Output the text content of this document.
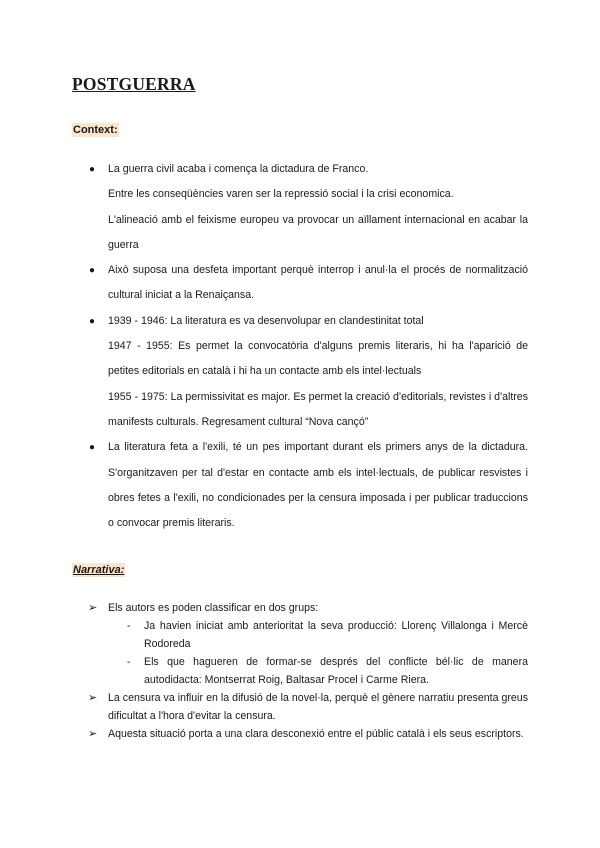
POSTGUERRA
Context:
● La guerra civil acaba i comença la dictadura de Franco.

Entre les conseqüències varen ser la repressió social i la crisi economica.

L'alineació amb el feixisme europeu va provocar un aïllament internacional en acabar la guerra

● Això suposa una desfeta important perquè interrop i anul·la el procés de normalització cultural iniciat a la Renaiçansa.

● 1939 - 1946: La literatura es va desenvolupar en clandestinitat total

1947 - 1955: Es permet la convocatòria d'alguns premis literaris, hi ha l'aparició de petites editorials en català i hi ha un contacte amb els intel·lectuals

1955 - 1975: La permissivitat es major. Es permet la creació d'editorials, revistes i d'altres manifests culturals. Regresament cultural “Nova cançó”

● La literatura feta a l'exili, té un pes important durant els primers anys de la dictadura. S'organitzaven per tal d'estar en contacte amb els intel·lectuals, de publicar resvistes i obres fetes a l'exili, no condicionades per la censura imposada i per publicar traduccions o convocar premis literaris.

Narrativa:
➢ Els autors es poden classificar en dos grups:

- Ja havien iniciat amb anterioritat la seva producció: Llorenç Villalonga i Mercè Rodoreda

- Els que hagueren de formar-se després del conflicte bél·lic de manera autodidacta: Montserrat Roig, Baltasar Procel i Carme Riera.

➢ La censura va influir en la difusió de la novel·la, perquè el gènere narratiu presenta greus dificultat a l'hora d'evitar la censura.

➢ Aquesta situació porta a una clara desconexió entre el públic català i els seus escriptors.
